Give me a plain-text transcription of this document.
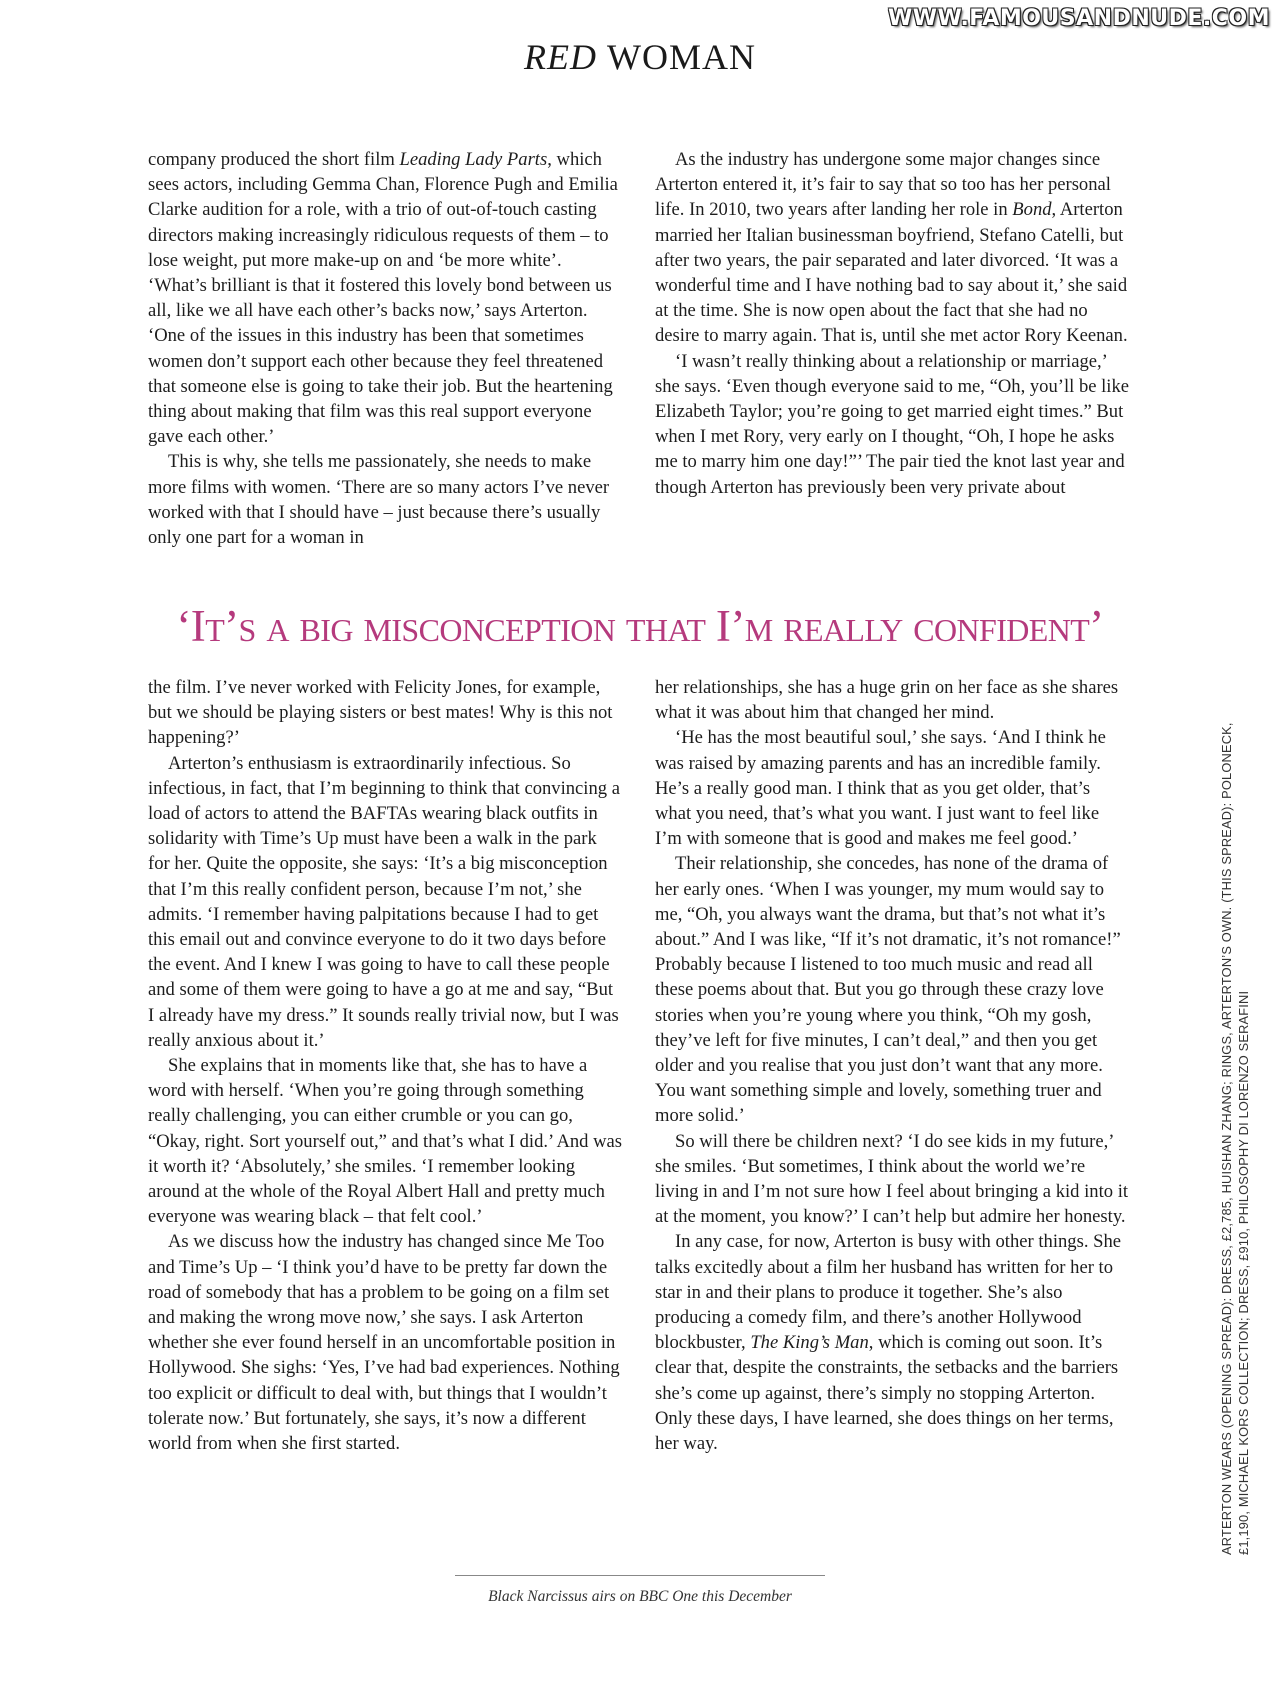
WWW.FAMOUSANDNUDE.COM
RED WOMAN

company produced the short film Leading Lady Parts, which sees actors, including Gemma Chan, Florence Pugh and Emilia Clarke audition for a role, with a trio of out-of-touch casting directors making increasingly ridiculous requests of them – to lose weight, put more make-up on and ‘be more white’. ‘What’s brilliant is that it fostered this lovely bond between us all, like we all have each other’s backs now,’ says Arterton. ‘One of the issues in this industry has been that sometimes women don’t support each other because they feel threatened that someone else is going to take their job. But the heartening thing about making that film was this real support everyone gave each other.’

This is why, she tells me passionately, she needs to make more films with women. ‘There are so many actors I’ve never worked with that I should have – just because there’s usually only one part for a woman in

As the industry has undergone some major changes since Arterton entered it, it’s fair to say that so too has her personal life. In 2010, two years after landing her role in Bond, Arterton married her Italian businessman boyfriend, Stefano Catelli, but after two years, the pair separated and later divorced. ‘It was a wonderful time and I have nothing bad to say about it,’ she said at the time. She is now open about the fact that she had no desire to marry again. That is, until she met actor Rory Keenan.

‘I wasn’t really thinking about a relationship or marriage,’ she says. ‘Even though everyone said to me, “Oh, you’ll be like Elizabeth Taylor; you’re going to get married eight times.” But when I met Rory, very early on I thought, “Oh, I hope he asks me to marry him one day!”’ The pair tied the knot last year and though Arterton has previously been very private about

‘It’s a big misconception that I’m really confident’

the film. I’ve never worked with Felicity Jones, for example, but we should be playing sisters or best mates! Why is this not happening?’

Arterton’s enthusiasm is extraordinarily infectious. So infectious, in fact, that I’m beginning to think that convincing a load of actors to attend the BAFTAs wearing black outfits in solidarity with Time’s Up must have been a walk in the park for her. Quite the opposite, she says: ‘It’s a big misconception that I’m this really confident person, because I’m not,’ she admits. ‘I remember having palpitations because I had to get this email out and convince everyone to do it two days before the event. And I knew I was going to have to call these people and some of them were going to have a go at me and say, “But I already have my dress.” It sounds really trivial now, but I was really anxious about it.’

She explains that in moments like that, she has to have a word with herself. ‘When you’re going through something really challenging, you can either crumble or you can go, “Okay, right. Sort yourself out,” and that’s what I did.’ And was it worth it? ‘Absolutely,’ she smiles. ‘I remember looking around at the whole of the Royal Albert Hall and pretty much everyone was wearing black – that felt cool.’

As we discuss how the industry has changed since Me Too and Time’s Up – ‘I think you’d have to be pretty far down the road of somebody that has a problem to be going on a film set and making the wrong move now,’ she says. I ask Arterton whether she ever found herself in an uncomfortable position in Hollywood. She sighs: ‘Yes, I’ve had bad experiences. Nothing too explicit or difficult to deal with, but things that I wouldn’t tolerate now.’ But fortunately, she says, it’s now a different world from when she first started.

her relationships, she has a huge grin on her face as she shares what it was about him that changed her mind.

‘He has the most beautiful soul,’ she says. ‘And I think he was raised by amazing parents and has an incredible family. He’s a really good man. I think that as you get older, that’s what you need, that’s what you want. I just want to feel like I’m with someone that is good and makes me feel good.’

Their relationship, she concedes, has none of the drama of her early ones. ‘When I was younger, my mum would say to me, “Oh, you always want the drama, but that’s not what it’s about.” And I was like, “If it’s not dramatic, it’s not romance!” Probably because I listened to too much music and read all these poems about that. But you go through these crazy love stories when you’re young where you think, “Oh my gosh, they’ve left for five minutes, I can’t deal,” and then you get older and you realise that you just don’t want that any more. You want something simple and lovely, something truer and more solid.’

So will there be children next? ‘I do see kids in my future,’ she smiles. ‘But sometimes, I think about the world we’re living in and I’m not sure how I feel about bringing a kid into it at the moment, you know?’ I can’t help but admire her honesty.

In any case, for now, Arterton is busy with other things. She talks excitedly about a film her husband has written for her to star in and their plans to produce it together. She’s also producing a comedy film, and there’s another Hollywood blockbuster, The King’s Man, which is coming out soon. It’s clear that, despite the constraints, the setbacks and the barriers she’s come up against, there’s simply no stopping Arterton. Only these days, I have learned, she does things on her terms, her way.	ARTERTON WEARS (OPENING SPREAD): DRESS, £2,785, HUISHAN ZHANG; RINGS, ARTERTON’S OWN. (THIS SPREAD): POLONECK, £1,190, MICHAEL KORS COLLECTION; DRESS, £910, PHILOSOPHY DI LORENZO SERAFINI
Black Narcissus airs on BBC One this December
